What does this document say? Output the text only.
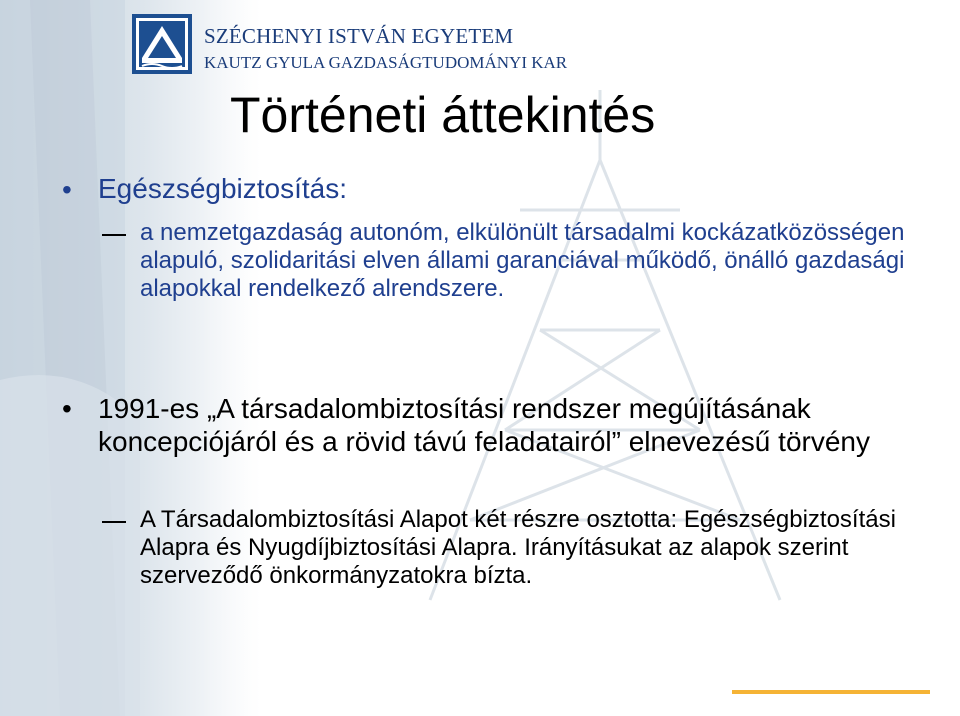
SZÉCHENYI ISTVÁN EGYETEM
KAUTZ GYULA GAZDASÁGTUDOMÁNYI KAR
Történeti áttekintés
• Egészségbiztosítás:
a nemzetgazdaság autonóm, elkülönült társadalmi kockázatközösségen alapuló, szolidaritási elven állami garanciával működő, önálló gazdasági alapokkal rendelkező alrendszere.
• 1991-es „A társadalombiztosítási rendszer megújításának koncepciójáról és a rövid távú feladatairól” elnevezésű törvény
A Társadalombiztosítási Alapot két részre osztotta: Egészségbiztosítási Alapra és Nyugdíjbiztosítási Alapra. Irányításukat az alapok szerint szerveződő önkormányzatokra bízta.
